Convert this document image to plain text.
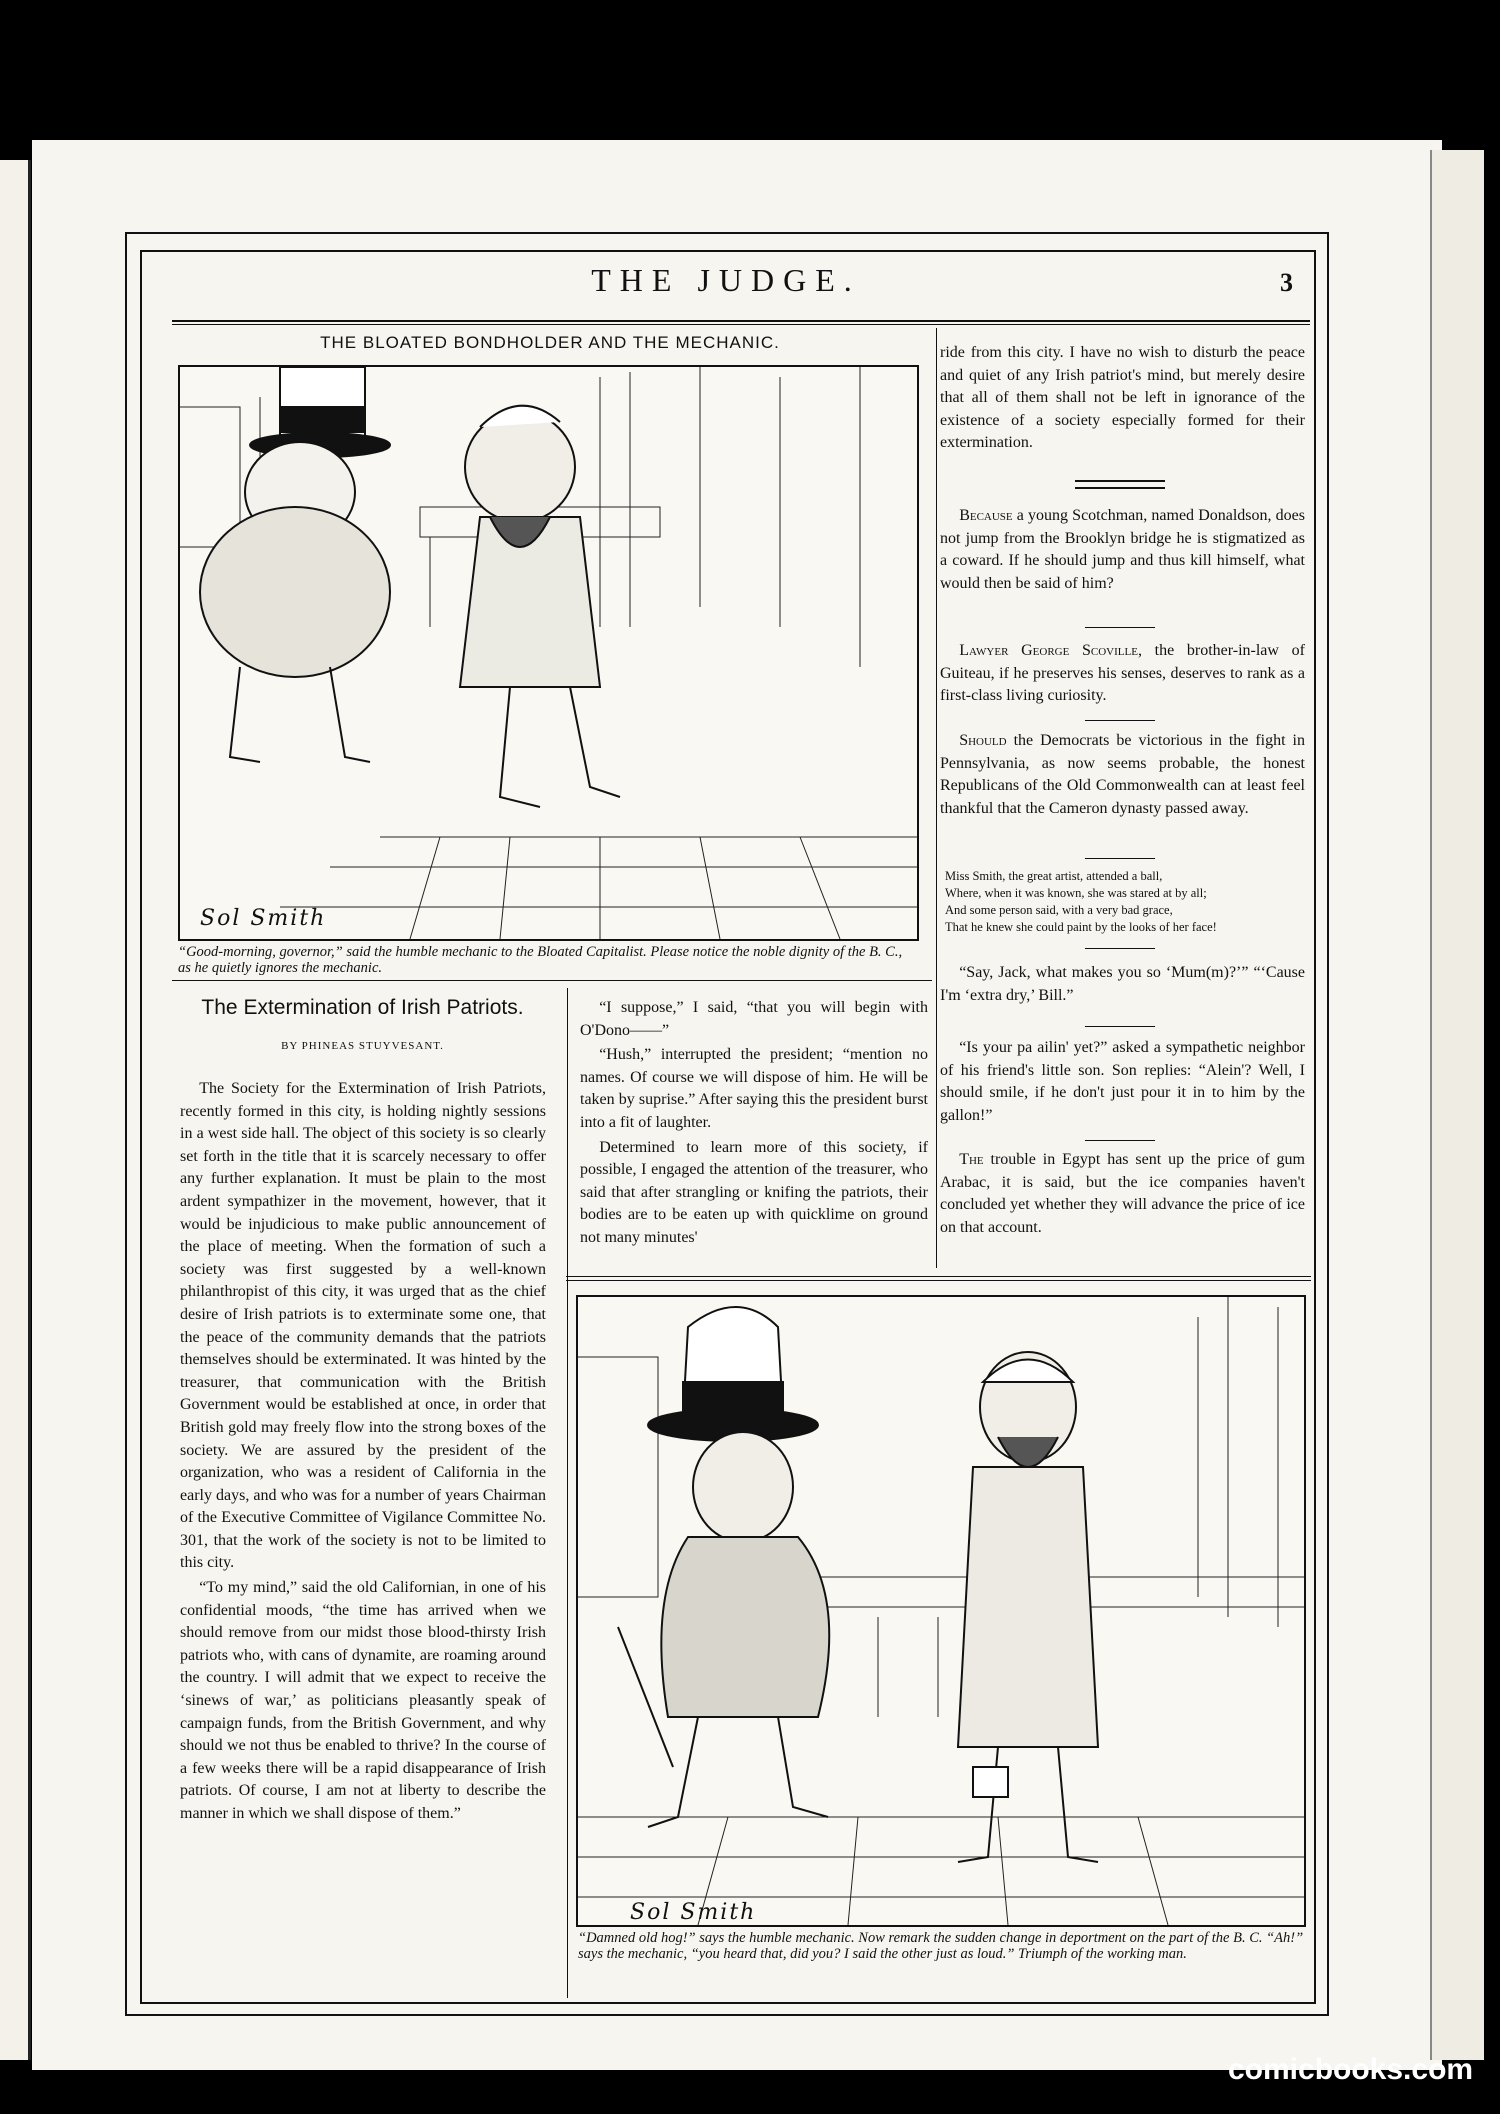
THE JUDGE.	3
THE BLOATED BONDHOLDER AND THE MECHANIC.
Sol Smith
“Good-morning, governor,” said the humble mechanic to the Bloated Capitalist. Please notice the noble dignity of the B. C., as he quietly ignores the mechanic.
The Extermination of Irish Patriots.
BY PHINEAS STUYVESANT.

The Society for the Extermination of Irish Patriots, recently formed in this city, is holding nightly sessions in a west side hall. The object of this society is so clearly set forth in the title that it is scarcely necessary to offer any further explanation. It must be plain to the most ardent sympathizer in the movement, however, that it would be injudicious to make public announcement of the place of meeting. When the formation of such a society was first suggested by a well-known philanthropist of this city, it was urged that as the chief desire of Irish patriots is to exterminate some one, that the peace of the community demands that the patriots themselves should be exterminated. It was hinted by the treasurer, that communication with the British Government would be established at once, in order that British gold may freely flow into the strong boxes of the society. We are assured by the president of the organization, who was a resident of California in the early days, and who was for a number of years Chairman of the Executive Committee of Vigilance Committee No. 301, that the work of the society is not to be limited to this city.

“To my mind,” said the old Californian, in one of his confidential moods, “the time has arrived when we should remove from our midst those blood-thirsty Irish patriots who, with cans of dynamite, are roaming around the country. I will admit that we expect to receive the ‘sinews of war,’ as politicians pleasantly speak of campaign funds, from the British Government, and why should we not thus be enabled to thrive? In the course of a few weeks there will be a rapid disappearance of Irish patriots. Of course, I am not at liberty to describe the manner in which we shall dispose of them.”

“I suppose,” I said, “that you will begin with O'Dono——”

“Hush,” interrupted the president; “mention no names. Of course we will dispose of him. He will be taken by suprise.” After saying this the president burst into a fit of laughter.

Determined to learn more of this society, if possible, I engaged the attention of the treasurer, who said that after strangling or knifing the patriots, their bodies are to be eaten up with quicklime on ground not many minutes'

ride from this city. I have no wish to disturb the peace and quiet of any Irish patriot's mind, but merely desire that all of them shall not be left in ignorance of the existence of a society especially formed for their extermination.

Because a young Scotchman, named Donaldson, does not jump from the Brooklyn bridge he is stigmatized as a coward. If he should jump and thus kill himself, what would then be said of him?

Lawyer George Scoville, the brother-in-law of Guiteau, if he preserves his senses, deserves to rank as a first-class living curiosity.

Should the Democrats be victorious in the fight in Pennsylvania, as now seems probable, the honest Republicans of the Old Commonwealth can at least feel thankful that the Cameron dynasty passed away.

Miss Smith, the great artist, attended a ball,
Where, when it was known, she was stared at by all;
And some person said, with a very bad grace,
That he knew she could paint by the looks of her face!

“Say, Jack, what makes you so ‘Mum(m)?’” “‘Cause I'm ‘extra dry,’ Bill.”

“Is your pa ailin' yet?” asked a sympathetic neighbor of his friend's little son. Son replies: “Alein'? Well, I should smile, if he don't just pour it in to him by the gallon!”

The trouble in Egypt has sent up the price of gum Arabac, it is said, but the ice companies haven't concluded yet whether they will advance the price of ice on that account.

Sol Smith
“Damned old hog!” says the humble mechanic. Now remark the sudden change in deportment on the part of the B. C. “Ah!” says the mechanic, “you heard that, did you? I said the other just as loud.” Triumph of the working man.
comicbooks.com
